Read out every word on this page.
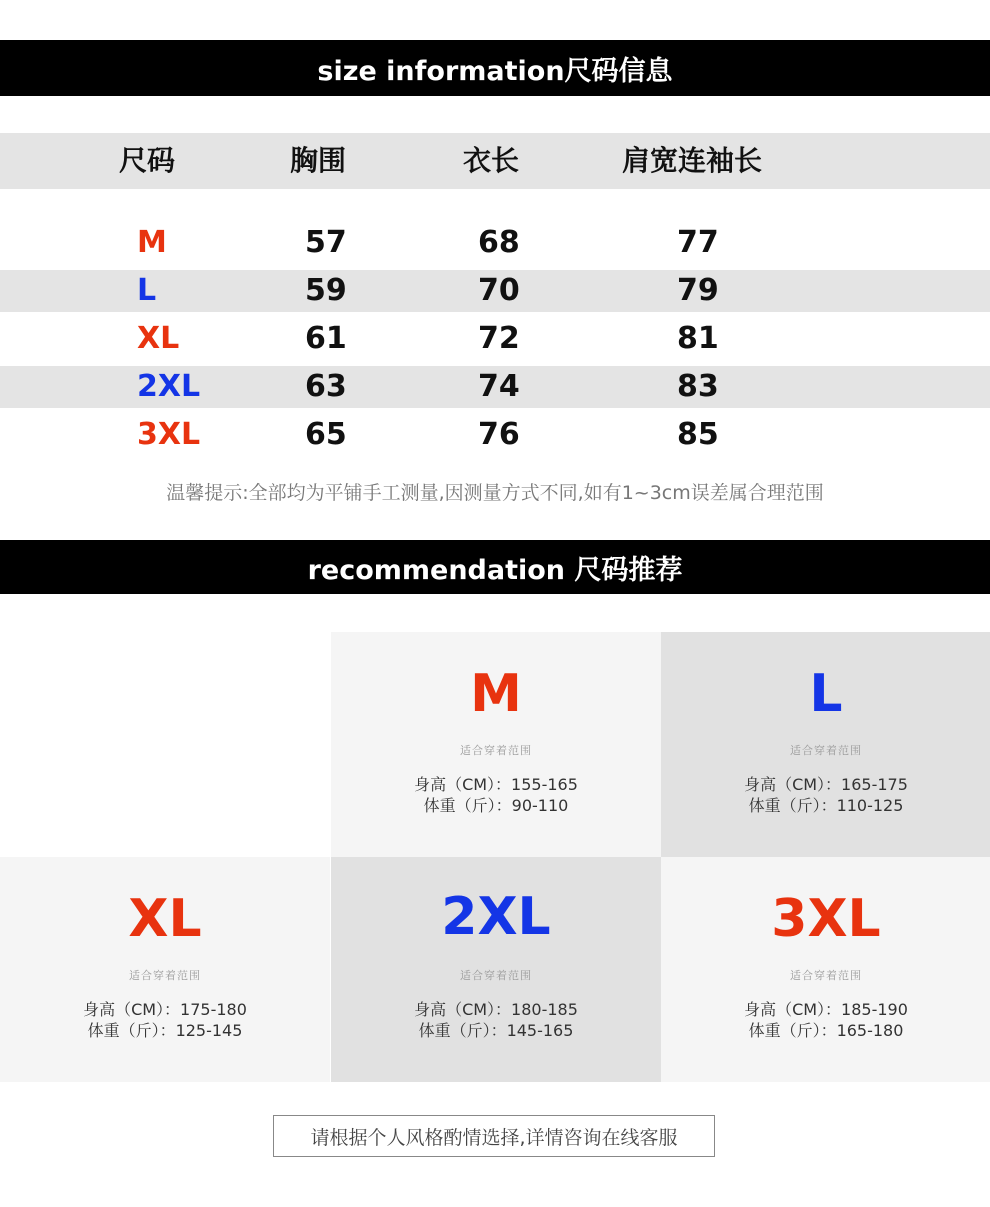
size information尺码信息
尺码	胸围	衣长	肩宽连袖长
M	57	68	77
L	59	70	79
XL	61	72	81
2XL	63	74	83
3XL	65	76	85
温馨提示:全部均为平铺手工测量,因测量方式不同,如有1~3cm误差属合理范围
recommendation 尺码推荐
M
适合穿着范围
身高（CM）：155-165
体重（斤）：90-110
L
适合穿着范围
身高（CM）：165-175
体重（斤）：110-125
XL
适合穿着范围
身高（CM）：175-180
体重（斤）：125-145
2XL
适合穿着范围
身高（CM）：180-185
体重（斤）：145-165
3XL
适合穿着范围
身高（CM）：185-190
体重（斤）：165-180
请根据个人风格酌情选择,详情咨询在线客服
